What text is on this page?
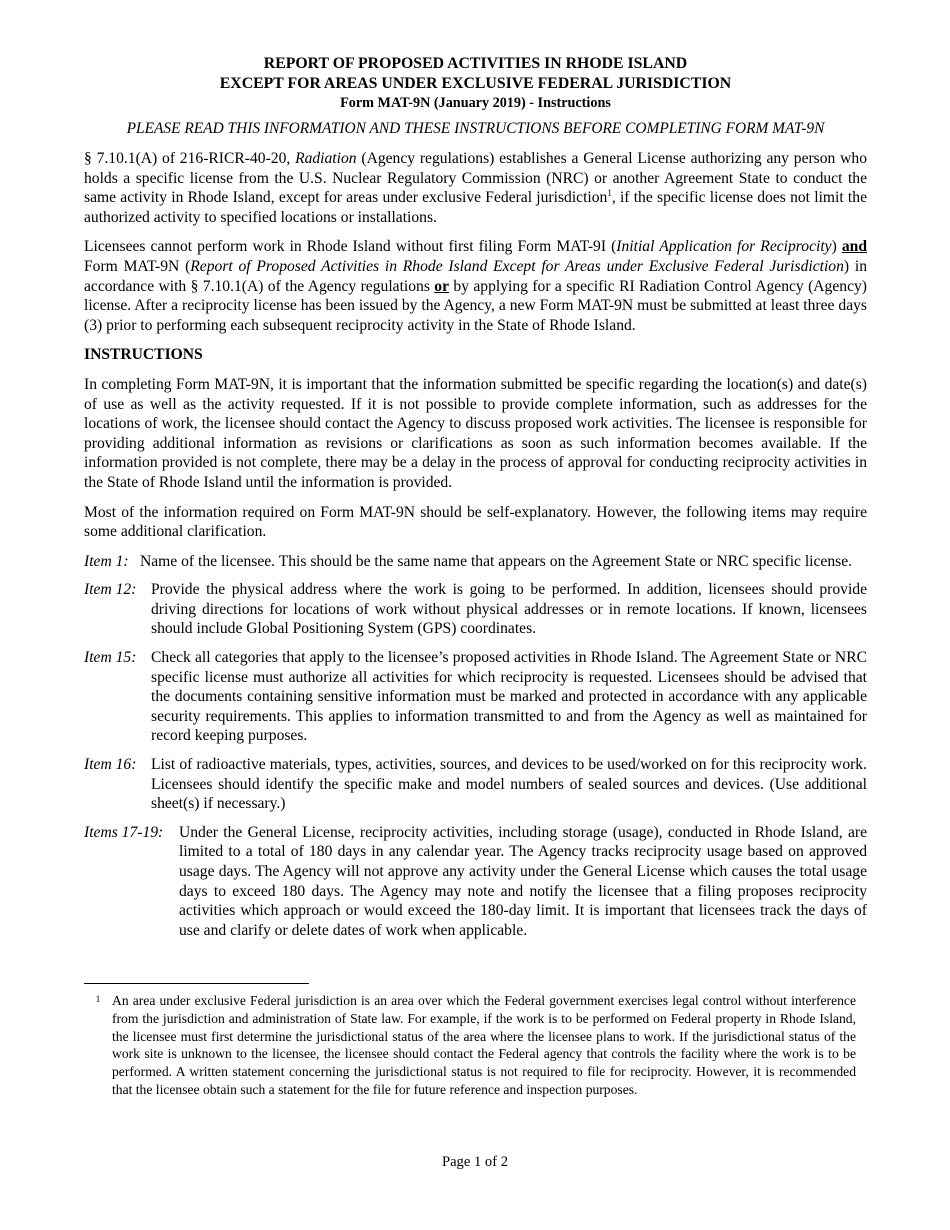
REPORT OF PROPOSED ACTIVITIES IN RHODE ISLAND
EXCEPT FOR AREAS UNDER EXCLUSIVE FEDERAL JURISDICTION
Form MAT-9N (January 2019) - Instructions
PLEASE READ THIS INFORMATION AND THESE INSTRUCTIONS BEFORE COMPLETING FORM MAT-9N

§ 7.10.1(A) of 216-RICR-40-20, Radiation (Agency regulations) establishes a General License authorizing any person who holds a specific license from the U.S. Nuclear Regulatory Commission (NRC) or another Agreement State to conduct the same activity in Rhode Island, except for areas under exclusive Federal jurisdiction$^1$, if the specific license does not limit the authorized activity to specified locations or installations.

Licensees cannot perform work in Rhode Island without first filing Form MAT-9I (Initial Application for Reciprocity) and Form MAT-9N (Report of Proposed Activities in Rhode Island Except for Areas under Exclusive Federal Jurisdiction) in accordance with § 7.10.1(A) of the Agency regulations or by applying for a specific RI Radiation Control Agency (Agency) license. After a reciprocity license has been issued by the Agency, a new Form MAT-9N must be submitted at least three days (3) prior to performing each subsequent reciprocity activity in the State of Rhode Island.

INSTRUCTIONS

In completing Form MAT-9N, it is important that the information submitted be specific regarding the location(s) and date(s) of use as well as the activity requested. If it is not possible to provide complete information, such as addresses for the locations of work, the licensee should contact the Agency to discuss proposed work activities. The licensee is responsible for providing additional information as revisions or clarifications as soon as such information becomes available. If the information provided is not complete, there may be a delay in the process of approval for conducting reciprocity activities in the State of Rhode Island until the information is provided.

Most of the information required on Form MAT-9N should be self-explanatory. However, the following items may require some additional clarification.

Item 1: Name of the licensee. This should be the same name that appears on the Agreement State or NRC specific license.
Item 12: Provide the physical address where the work is going to be performed. In addition, licensees should provide driving directions for locations of work without physical addresses or in remote locations. If known, licensees should include Global Positioning System (GPS) coordinates.
Item 15: Check all categories that apply to the licensee’s proposed activities in Rhode Island. The Agreement State or NRC specific license must authorize all activities for which reciprocity is requested. Licensees should be advised that the documents containing sensitive information must be marked and protected in accordance with any applicable security requirements. This applies to information transmitted to and from the Agency as well as maintained for record keeping purposes.
Item 16: List of radioactive materials, types, activities, sources, and devices to be used/worked on for this reciprocity work. Licensees should identify the specific make and model numbers of sealed sources and devices. (Use additional sheet(s) if necessary.)
Items 17-19:	Under the General License, reciprocity activities, including storage (usage), conducted in Rhode Island, are limited to a total of 180 days in any calendar year. The Agency tracks reciprocity usage based on approved usage days. The Agency will not approve any activity under the General License which causes the total usage days to exceed 180 days. The Agency may note and notify the licensee that a filing proposes reciprocity activities which approach or would exceed the 180-day limit. It is important that licensees track the days of use and clarify or delete dates of work when applicable.
1 An area under exclusive Federal jurisdiction is an area over which the Federal government exercises legal control without interference from the jurisdiction and administration of State law. For example, if the work is to be performed on Federal property in Rhode Island, the licensee must first determine the jurisdictional status of the area where the licensee plans to work. If the jurisdictional status of the work site is unknown to the licensee, the licensee should contact the Federal agency that controls the facility where the work is to be performed. A written statement concerning the jurisdictional status is not required to file for reciprocity. However, it is recommended that the licensee obtain such a statement for the file for future reference and inspection purposes.
Page 1 of 2
